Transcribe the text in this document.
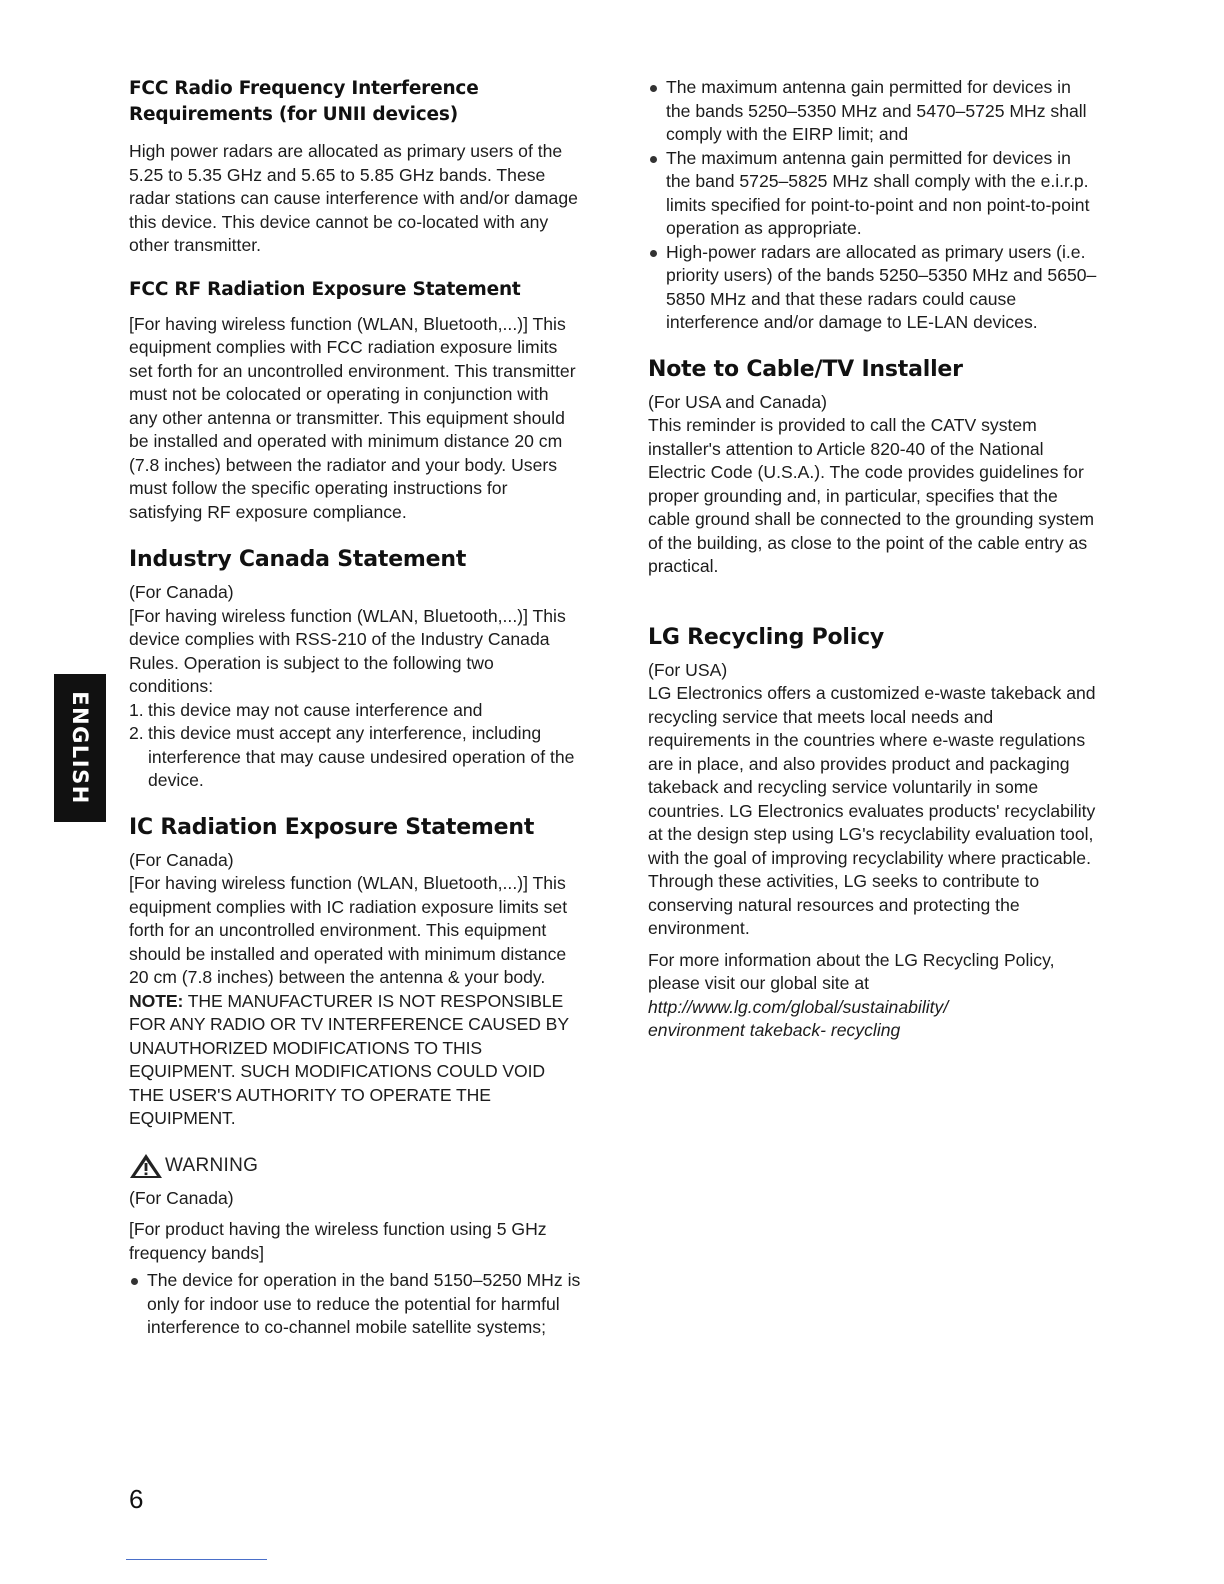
ENGLISH
FCC Radio Frequency Interference
Requirements (for UNII devices)

High power radars are allocated as primary users of the 5.25 to 5.35 GHz and 5.65 to 5.85 GHz bands. These radar stations can cause interference with and/or damage this device. This device cannot be co-located with any other transmitter.

FCC RF Radiation Exposure Statement

[For having wireless function (WLAN, Bluetooth,...)] This equipment complies with FCC radiation exposure limits set forth for an uncontrolled environment. This transmitter must not be colocated or operating in conjunction with any other antenna or transmitter. This equipment should be installed and operated with minimum distance 20 cm (7.8 inches) between the radiator and your body. Users must follow the specific operating instructions for satisfying RF exposure compliance.

Industry Canada Statement

(For Canada)

[For having wireless function (WLAN, Bluetooth,...)] This device complies with RSS-210 of the Industry Canada Rules. Operation is subject to the following two conditions:

1. this device may not cause interference and
2. this device must accept any interference, including interference that may cause undesired operation of the device.
IC Radiation Exposure Statement

(For Canada)

[For having wireless function (WLAN, Bluetooth,...)] This equipment complies with IC radiation exposure limits set forth for an uncontrolled environment. This equipment should be installed and operated with minimum distance 20 cm (7.8 inches) between the antenna & your body.

NOTE: THE MANUFACTURER IS NOT RESPONSIBLE FOR ANY RADIO OR TV INTERFERENCE CAUSED BY UNAUTHORIZED MODIFICATIONS TO THIS EQUIPMENT. SUCH MODIFICATIONS COULD VOID THE USER'S AUTHORITY TO OPERATE THE EQUIPMENT.

WARNING

(For Canada)

[For product having the wireless function using 5 GHz frequency bands]

The device for operation in the band 5150–5250 MHz is only for indoor use to reduce the potential for harmful interference to co-channel mobile satellite systems;
The maximum antenna gain permitted for devices in the bands 5250–5350 MHz and 5470–5725 MHz shall comply with the EIRP limit; and
The maximum antenna gain permitted for devices in the band 5725–5825 MHz shall comply with the e.i.r.p. limits specified for point-to-point and non point-to-point operation as appropriate.
High-power radars are allocated as primary users (i.e. priority users) of the bands 5250–5350 MHz and 5650–5850 MHz and that these radars could cause interference and/or damage to LE-LAN devices.
Note to Cable/TV Installer

(For USA and Canada)

This reminder is provided to call the CATV system installer's attention to Article 820-40 of the National Electric Code (U.S.A.). The code provides guidelines for proper grounding and, in particular, specifies that the cable ground shall be connected to the grounding system of the building, as close to the point of the cable entry as practical.

LG Recycling Policy

(For USA)

LG Electronics offers a customized e-waste takeback and recycling service that meets local needs and requirements in the countries where e-waste regulations are in place, and also provides product and packaging takeback and recycling service voluntarily in some countries. LG Electronics evaluates products' recyclability at the design step using LG's recyclability evaluation tool, with the goal of improving recyclability where practicable. Through these activities, LG seeks to contribute to conserving natural resources and protecting the environment.

For more information about the LG Recycling Policy, please visit our global site at

http://www.lg.com/global/sustainability/
environment takeback- recycling

6
